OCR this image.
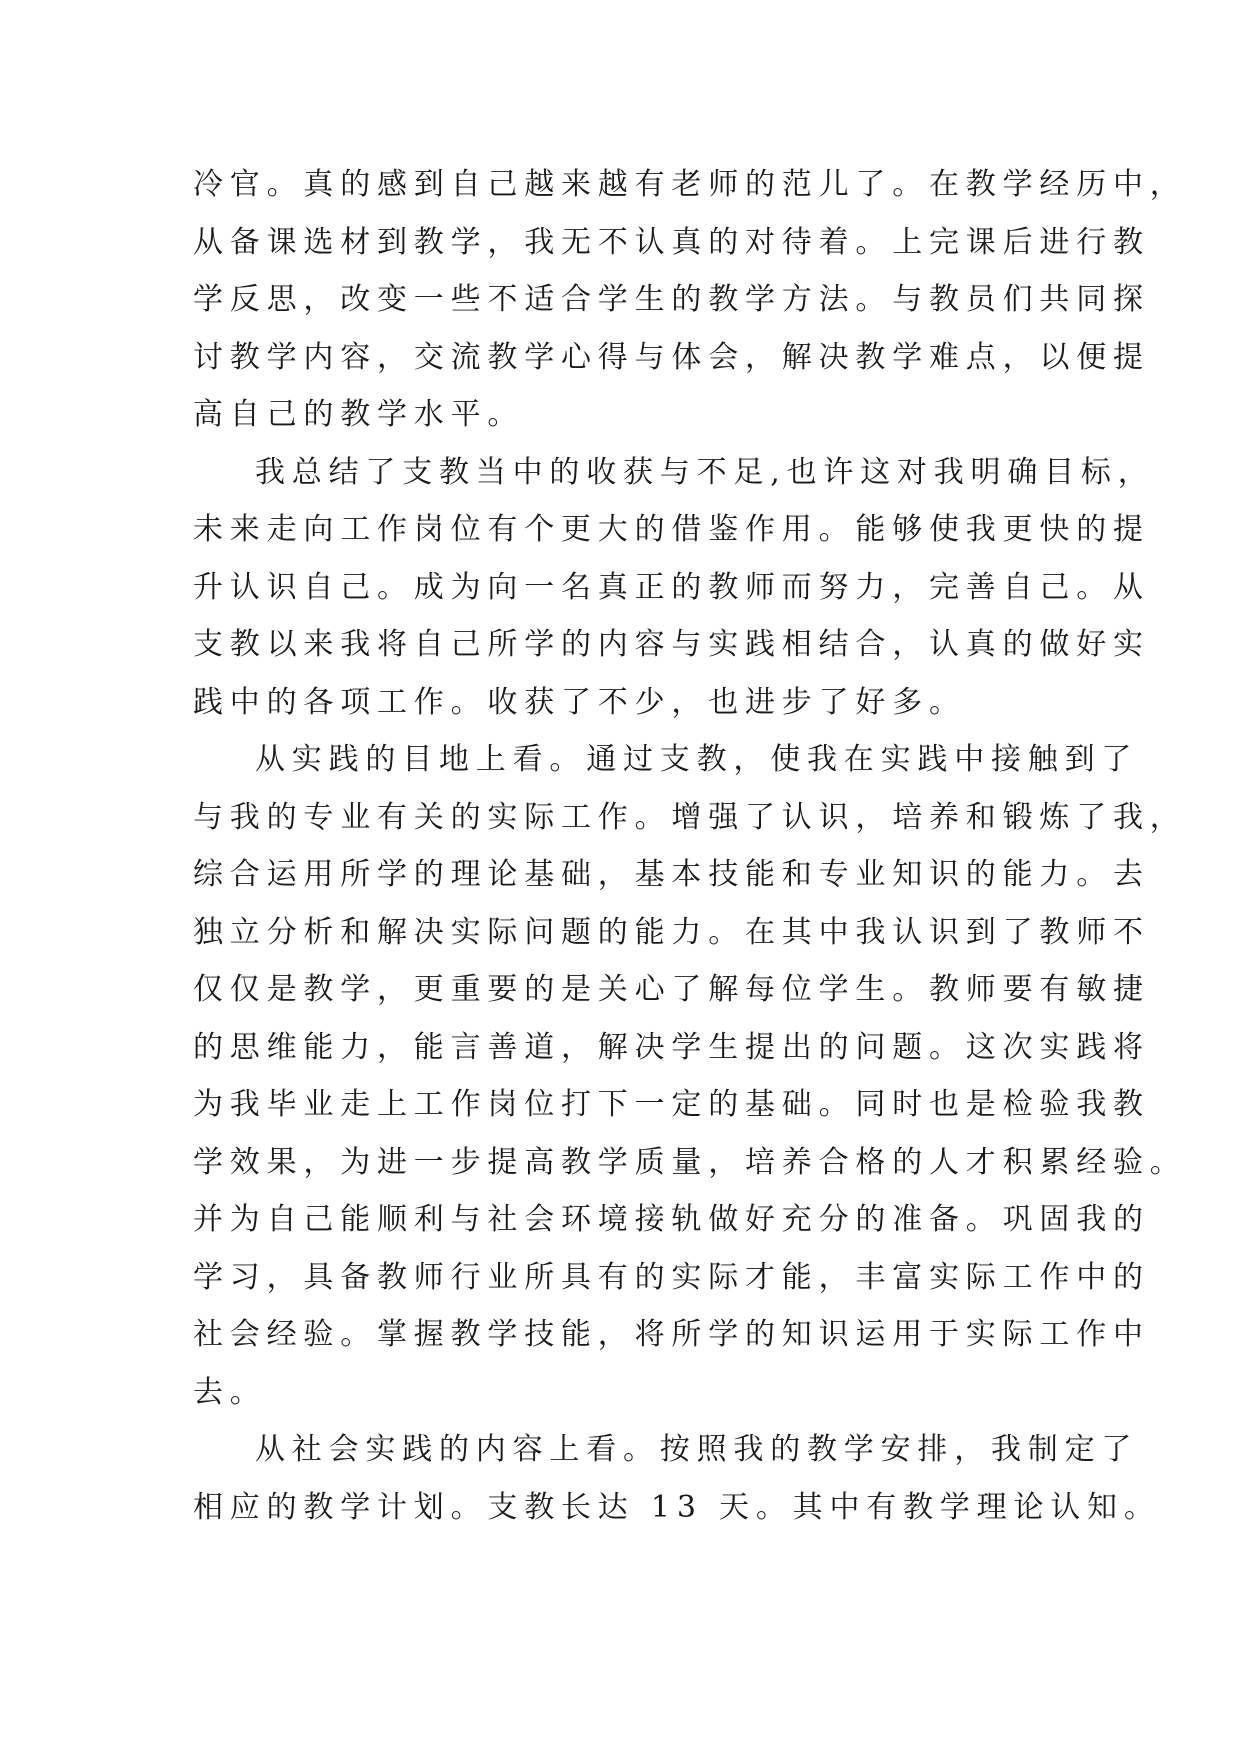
冷官。真的感到自己越来越有老师的范儿了。在教学经历中，
从备课选材到教学，我无不认真的对待着。上完课后进行教
学反思，改变一些不适合学生的教学方法。与教员们共同探
讨教学内容，交流教学心得与体会，解决教学难点，以便提
高自己的教学水平。
我总结了支教当中的收获与不足,也许这对我明确目标，
未来走向工作岗位有个更大的借鉴作用。能够使我更快的提
升认识自己。成为向一名真正的教师而努力，完善自己。从
支教以来我将自己所学的内容与实践相结合，认真的做好实
践中的各项工作。收获了不少，也进步了好多。
从实践的目地上看。通过支教，使我在实践中接触到了
与我的专业有关的实际工作。增强了认识，培养和锻炼了我，
综合运用所学的理论基础，基本技能和专业知识的能力。去
独立分析和解决实际问题的能力。在其中我认识到了教师不
仅仅是教学，更重要的是关心了解每位学生。教师要有敏捷
的思维能力，能言善道，解决学生提出的问题。这次实践将
为我毕业走上工作岗位打下一定的基础。同时也是检验我教
学效果，为进一步提高教学质量，培养合格的人才积累经验。
并为自己能顺利与社会环境接轨做好充分的准备。巩固我的
学习，具备教师行业所具有的实际才能，丰富实际工作中的
社会经验。掌握教学技能，将所学的知识运用于实际工作中
去。
从社会实践的内容上看。按照我的教学安排，我制定了
相应的教学计划。支教长达 13 天。其中有教学理论认知。
